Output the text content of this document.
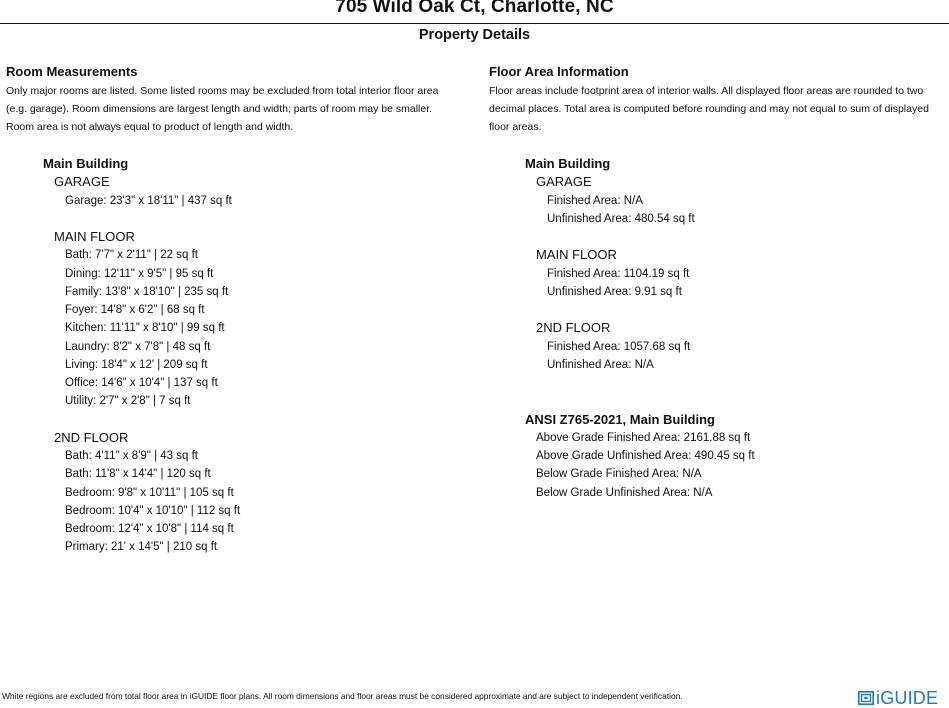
705 Wild Oak Ct, Charlotte, NC
Property Details
Room Measurements
Only major rooms are listed. Some listed rooms may be excluded from total interior floor area
(e.g. garage). Room dimensions are largest length and width; parts of room may be smaller.
Room area is not always equal to product of length and width.
Floor Area Information
Floor areas include footprint area of interior walls. All displayed floor areas are rounded to two
decimal places. Total area is computed before rounding and may not equal to sum of displayed
floor areas.
Main Building
GARAGE
Garage: 23'3" x 18'11" | 437 sq ft
MAIN FLOOR
Bath: 7'7" x 2'11" | 22 sq ft
Dining: 12'11" x 9'5" | 95 sq ft
Family: 13'8" x 18'10" | 235 sq ft
Foyer: 14'8" x 6'2" | 68 sq ft
Kitchen: 11'11" x 8'10" | 99 sq ft
Laundry: 8'2" x 7'8" | 48 sq ft
Living: 18'4" x 12' | 209 sq ft
Office: 14'6" x 10'4" | 137 sq ft
Utility: 2'7" x 2'8" | 7 sq ft
2ND FLOOR
Bath: 4'11" x 8'9" | 43 sq ft
Bath: 11'8" x 14'4" | 120 sq ft
Bedroom: 9'8" x 10'11" | 105 sq ft
Bedroom: 10'4" x 10'10" | 112 sq ft
Bedroom: 12'4" x 10'8" | 114 sq ft
Primary: 21' x 14'5" | 210 sq ft
Main Building
GARAGE
Finished Area: N/A
Unfinished Area: 480.54 sq ft
MAIN FLOOR
Finished Area: 1104.19 sq ft
Unfinished Area: 9.91 sq ft
2ND FLOOR
Finished Area: 1057.68 sq ft
Unfinished Area: N/A
ANSI Z765-2021, Main Building
Above Grade Finished Area: 2161.88 sq ft
Above Grade Unfinished Area: 490.45 sq ft
Below Grade Finished Area: N/A
Below Grade Unfinished Area: N/A
White regions are excluded from total floor area in iGUIDE floor plans. All room dimensions and floor areas must be considered approximate and are subject to independent verification.	iGUIDE
